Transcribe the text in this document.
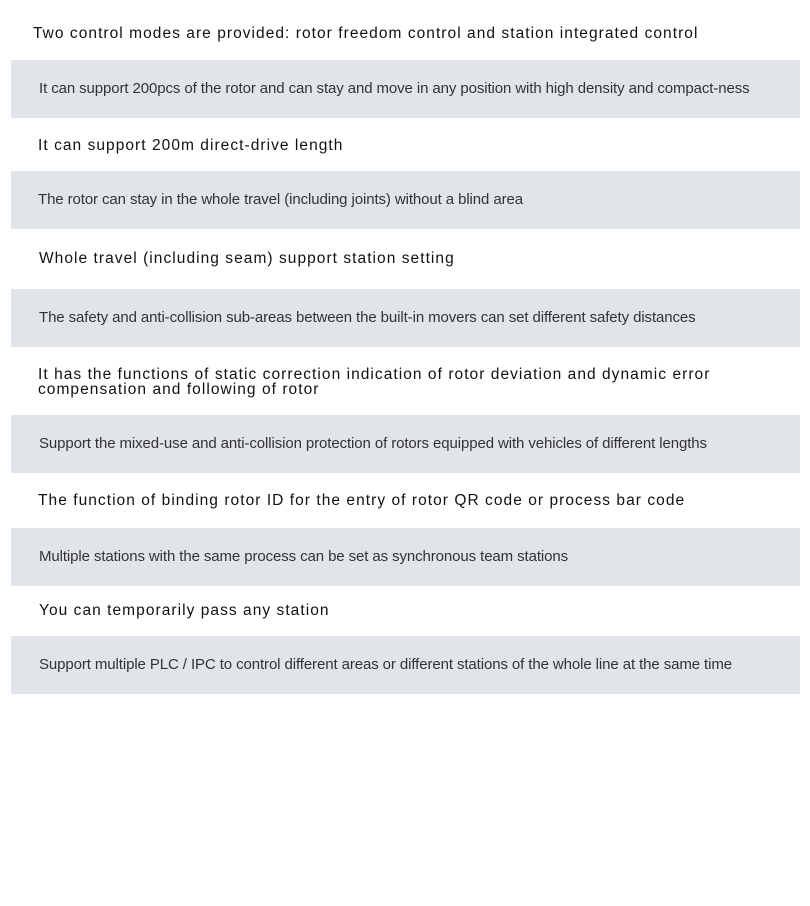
Two control modes are provided: rotor freedom control and station integrated control
It can support 200pcs of the rotor and can stay and move in any position with high density and compact-ness
It can support 200m direct-drive length
The rotor can stay in the whole travel (including joints) without a blind area
Whole travel (including seam) support station setting
The safety and anti-collision sub-areas between the built-in movers can set different safety distances
It has the functions of static correction indication of rotor deviation and dynamic error compensation and following of rotor
Support the mixed-use and anti-collision protection of rotors equipped with vehicles of different lengths
The function of binding rotor ID for the entry of rotor QR code or process bar code
Multiple stations with the same process can be set as synchronous team stations
You can temporarily pass any station
Support multiple PLC / IPC to control different areas or different stations of the whole line at the same time
